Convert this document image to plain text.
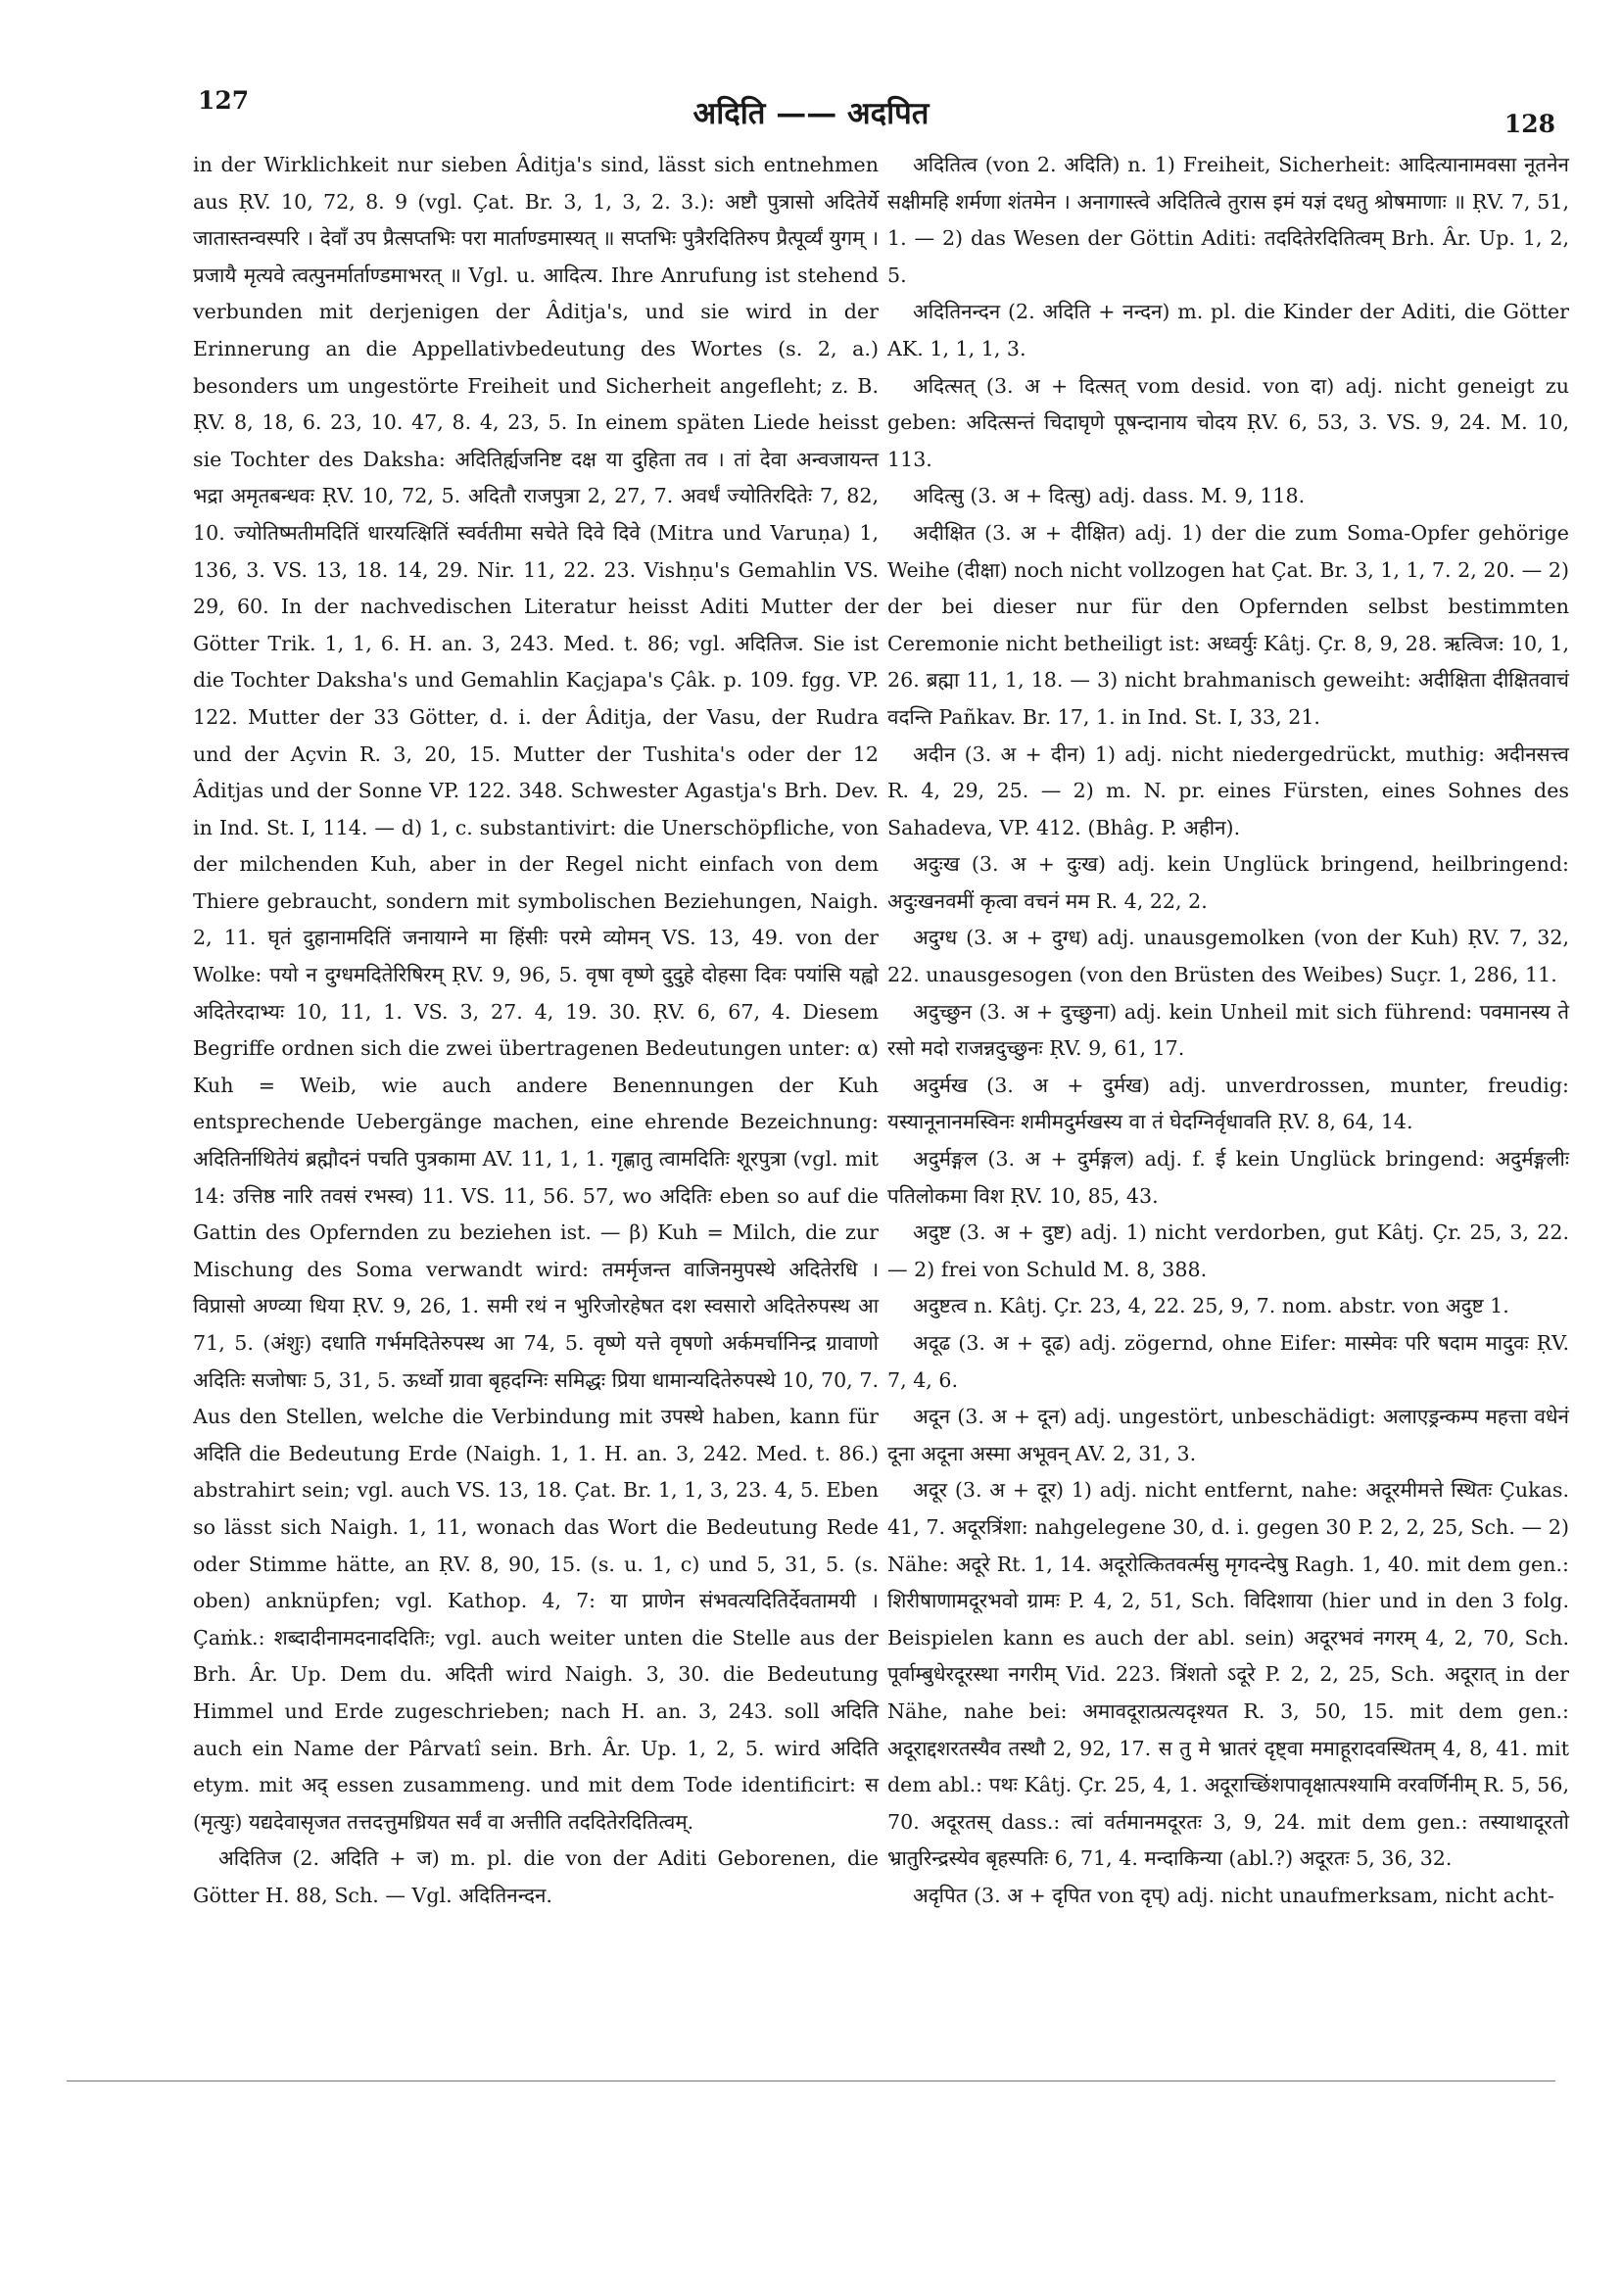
127	अदिति —— अदपित	128

in der Wirklichkeit nur sieben Âditja's sind, lässt sich entnehmen aus ṚV. 10, 72, 8. 9 (vgl. Çat. Br. 3, 1, 3, 2. 3.): अष्टौ पुत्रासो अदितेर्ये जातास्तन्वस्परि । देवाँ उप प्रैत्सप्तभिः परा मार्ताण्डमास्यत् ॥ सप्तभिः पुत्रैरदितिरुप प्रैत्पूर्व्यं युगम् । प्रजायै मृत्यवे त्वत्पुनर्मार्ताण्डमाभरत् ॥ Vgl. u. आदित्य. Ihre Anrufung ist stehend verbunden mit derjenigen der Âditja's, und sie wird in der Erinnerung an die Appellativbedeutung des Wortes (s. 2, a.) besonders um ungestörte Freiheit und Sicherheit angefleht; z. B. ṚV. 8, 18, 6. 23, 10. 47, 8. 4, 23, 5. In einem späten Liede heisst sie Tochter des Daksha: अदितिर्ह्यजनिष्ट दक्ष या दुहिता तव । तां देवा अन्वजायन्त भद्रा अमृतबन्धवः ṚV. 10, 72, 5. अदितौ राजपुत्रा 2, 27, 7. अवर्धं ज्योतिरदितेः 7, 82, 10. ज्योतिष्मतीमदितिं धारयत्क्षितिं स्वर्वतीमा सचेते दिवे दिवे (Mitra und Varuṇa) 1, 136, 3. VS. 13, 18. 14, 29. Nir. 11, 22. 23. Vishṇu's Gemahlin VS. 29, 60. In der nachvedischen Literatur heisst Aditi Mutter der Götter Trik. 1, 1, 6. H. an. 3, 243. Med. t. 86; vgl. अदितिज. Sie ist die Tochter Daksha's und Gemahlin Kaçjapa's Çâk. p. 109. fgg. VP. 122. Mutter der 33 Götter, d. i. der Âditja, der Vasu, der Rudra und der Açvin R. 3, 20, 15. Mutter der Tushita's oder der 12 Âditjas und der Sonne VP. 122. 348. Schwester Agastja's Brh. Dev. in Ind. St. I, 114. — d) 1, c. substantivirt: die Unerschöpfliche, von der milchenden Kuh, aber in der Regel nicht einfach von dem Thiere gebraucht, sondern mit symbolischen Beziehungen, Naigh. 2, 11. घृतं दुहानामदितिं जनायाग्ने मा हिंसीः परमे व्योमन् VS. 13, 49. von der Wolke: पयो न दुग्धमदितेरिषिरम् ṚV. 9, 96, 5. वृषा वृष्णे दुदुहे दोहसा दिवः पयांसि यह्वो अदितेरदाभ्यः 10, 11, 1. VS. 3, 27. 4, 19. 30. ṚV. 6, 67, 4. Diesem Begriffe ordnen sich die zwei übertragenen Bedeutungen unter: α) Kuh = Weib, wie auch andere Benennungen der Kuh entsprechende Uebergänge machen, eine ehrende Bezeichnung: अदितिर्नाथितेयं ब्रह्मौदनं पचति पुत्रकामा AV. 11, 1, 1. गृह्णातु त्वामदितिः शूरपुत्रा (vgl. mit 14: उत्तिष्ठ नारि तवसं रभस्व) 11. VS. 11, 56. 57, wo अदितिः eben so auf die Gattin des Opfernden zu beziehen ist. — β) Kuh = Milch, die zur Mischung des Soma verwandt wird: तमर्मृजन्त वाजिनमुपस्थे अदितेरधि । विप्रासो अण्व्या धिया ṚV. 9, 26, 1. समी रथं न भुरिजोरहेषत दश स्वसारो अदितेरुपस्थ आ 71, 5. (अंशुः) दधाति गर्भमदितेरुपस्थ आ 74, 5. वृष्णे यत्ते वृषणो अर्कमर्चानिन्द्र ग्रावाणो अदितिः सजोषाः 5, 31, 5. ऊर्ध्वो ग्रावा बृहदग्निः समिद्धः प्रिया धामान्यदितेरुपस्थे 10, 70, 7. Aus den Stellen, welche die Verbindung mit उपस्थे haben, kann für अदिति die Bedeutung Erde (Naigh. 1, 1. H. an. 3, 242. Med. t. 86.) abstrahirt sein; vgl. auch VS. 13, 18. Çat. Br. 1, 1, 3, 23. 4, 5. Eben so lässt sich Naigh. 1, 11, wonach das Wort die Bedeutung Rede oder Stimme hätte, an ṚV. 8, 90, 15. (s. u. 1, c) und 5, 31, 5. (s. oben) anknüpfen; vgl. Kathop. 4, 7: या प्राणेन संभवत्यदितिर्देवतामयी । Çaṁk.: शब्दादीनामदनाददितिः; vgl. auch weiter unten die Stelle aus der Brh. Âr. Up. Dem du. अदिती wird Naigh. 3, 30. die Bedeutung Himmel und Erde zugeschrieben; nach H. an. 3, 243. soll अदिति auch ein Name der Pârvatî sein. Brh. Âr. Up. 1, 2, 5. wird अदिति etym. mit अद् essen zusammeng. und mit dem Tode identificirt: स (मृत्युः) यद्यदेवासृजत तत्तदत्तुमध्रियत सर्वं वा अत्तीति तददितेरदितित्वम्.

अदितिज (2. अदिति + ज) m. pl. die von der Aditi Geborenen, die Götter H. 88, Sch. — Vgl. अदितिनन्दन.

अदितित्व (von 2. अदिति) n. 1) Freiheit, Sicherheit: आदित्यानामवसा नूतनेन सक्षीमहि शर्मणा शंतमेन । अनागास्त्वे अदितित्वे तुरास इमं यज्ञं दधतु श्रोषमाणाः ॥ ṚV. 7, 51, 1. — 2) das Wesen der Göttin Aditi: तददितेरदितित्वम् Brh. Âr. Up. 1, 2, 5.

अदितिनन्दन (2. अदिति + नन्दन) m. pl. die Kinder der Aditi, die Götter AK. 1, 1, 1, 3.

अदित्सत् (3. अ + दित्सत् vom desid. von दा) adj. nicht geneigt zu geben: अदित्सन्तं चिदाघृणे पूषन्दानाय चोदय ṚV. 6, 53, 3. VS. 9, 24. M. 10, 113.

अदित्सु (3. अ + दित्सु) adj. dass. M. 9, 118.

अदीक्षित (3. अ + दीक्षित) adj. 1) der die zum Soma-Opfer gehörige Weihe (दीक्षा) noch nicht vollzogen hat Çat. Br. 3, 1, 1, 7. 2, 20. — 2) der bei dieser nur für den Opfernden selbst bestimmten Ceremonie nicht betheiligt ist: अध्वर्युः Kâtj. Çr. 8, 9, 28. ऋत्विज: 10, 1, 26. ब्रह्मा 11, 1, 18. — 3) nicht brahmanisch geweiht: अदीक्षिता दीक्षितवाचं वदन्ति Pañkav. Br. 17, 1. in Ind. St. I, 33, 21.

अदीन (3. अ + दीन) 1) adj. nicht niedergedrückt, muthig: अदीनसत्त्व R. 4, 29, 25. — 2) m. N. pr. eines Fürsten, eines Sohnes des Sahadeva, VP. 412. (Bhâg. P. अहीन).

अदुःख (3. अ + दुःख) adj. kein Unglück bringend, heilbringend: अदुःखनवमीं कृत्वा वचनं मम R. 4, 22, 2.

अदुग्ध (3. अ + दुग्ध) adj. unausgemolken (von der Kuh) ṚV. 7, 32, 22. unausgesogen (von den Brüsten des Weibes) Suçr. 1, 286, 11.

अदुच्छुन (3. अ + दुच्छुना) adj. kein Unheil mit sich führend: पवमानस्य ते रसो मदो राजन्नदुच्छुनः ṚV. 9, 61, 17.

अदुर्मख (3. अ + दुर्मख) adj. unverdrossen, munter, freudig: यस्यानूनानमस्विनः शमीमदुर्मखस्य वा तं घेदग्निर्वृधावति ṚV. 8, 64, 14.

अदुर्मङ्गल (3. अ + दुर्मङ्गल) adj. f. ई kein Unglück bringend: अदुर्मङ्गलीः पतिलोकमा विश ṚV. 10, 85, 43.

अदुष्ट (3. अ + दुष्ट) adj. 1) nicht verdorben, gut Kâtj. Çr. 25, 3, 22. — 2) frei von Schuld M. 8, 388.

अदुष्टत्व n. Kâtj. Çr. 23, 4, 22. 25, 9, 7. nom. abstr. von अदुष्ट 1.

अदूढ (3. अ + दूढ) adj. zögernd, ohne Eifer: मास्मेवः परि षदाम मादुवः ṚV. 7, 4, 6.

अदून (3. अ + दून) adj. ungestört, unbeschädigt: अलाएड्रन्कम्प महत्ता वधेनं दूना अदूना अस्मा अभूवन् AV. 2, 31, 3.

अदूर (3. अ + दूर) 1) adj. nicht entfernt, nahe: अदूरमीमत्ते स्थितः Çukas. 41, 7. अदूरत्रिंशा: nahgelegene 30, d. i. gegen 30 P. 2, 2, 25, Sch. — 2) Nähe: अदूरे Rt. 1, 14. अदूरोत्कितवर्त्मसु मृगदन्देषु Ragh. 1, 40. mit dem gen.: शिरीषाणामदूरभवो ग्रामः P. 4, 2, 51, Sch. विदिशाया (hier und in den 3 folg. Beispielen kann es auch der abl. sein) अदूरभवं नगरम् 4, 2, 70, Sch. पूर्वाम्बुधेरदूरस्था नगरीम् Vid. 223. त्रिंशतो ऽदूरे P. 2, 2, 25, Sch. अदूरात् in der Nähe, nahe bei: अमावदूरात्प्रत्यदृश्यत R. 3, 50, 15. mit dem gen.: अदूराद्दशरतस्यैव तस्थौ 2, 92, 17. स तु मे भ्रातरं दृष्ट्वा ममाहूरादवस्थितम् 4, 8, 41. mit dem abl.: पथः Kâtj. Çr. 25, 4, 1. अदूराच्छिंशपावृक्षात्पश्यामि वरवर्णिनीम् R. 5, 56, 70. अदूरतस् dass.: त्वां वर्तमानमदूरतः 3, 9, 24. mit dem gen.: तस्याथादूरतो भ्रातुरिन्द्रस्येव बृहस्पतिः 6, 71, 4. मन्दाकिन्या (abl.?) अदूरतः 5, 36, 32.

अदृपित (3. अ + दृपित von दृप्) adj. nicht unaufmerksam, nicht acht-
